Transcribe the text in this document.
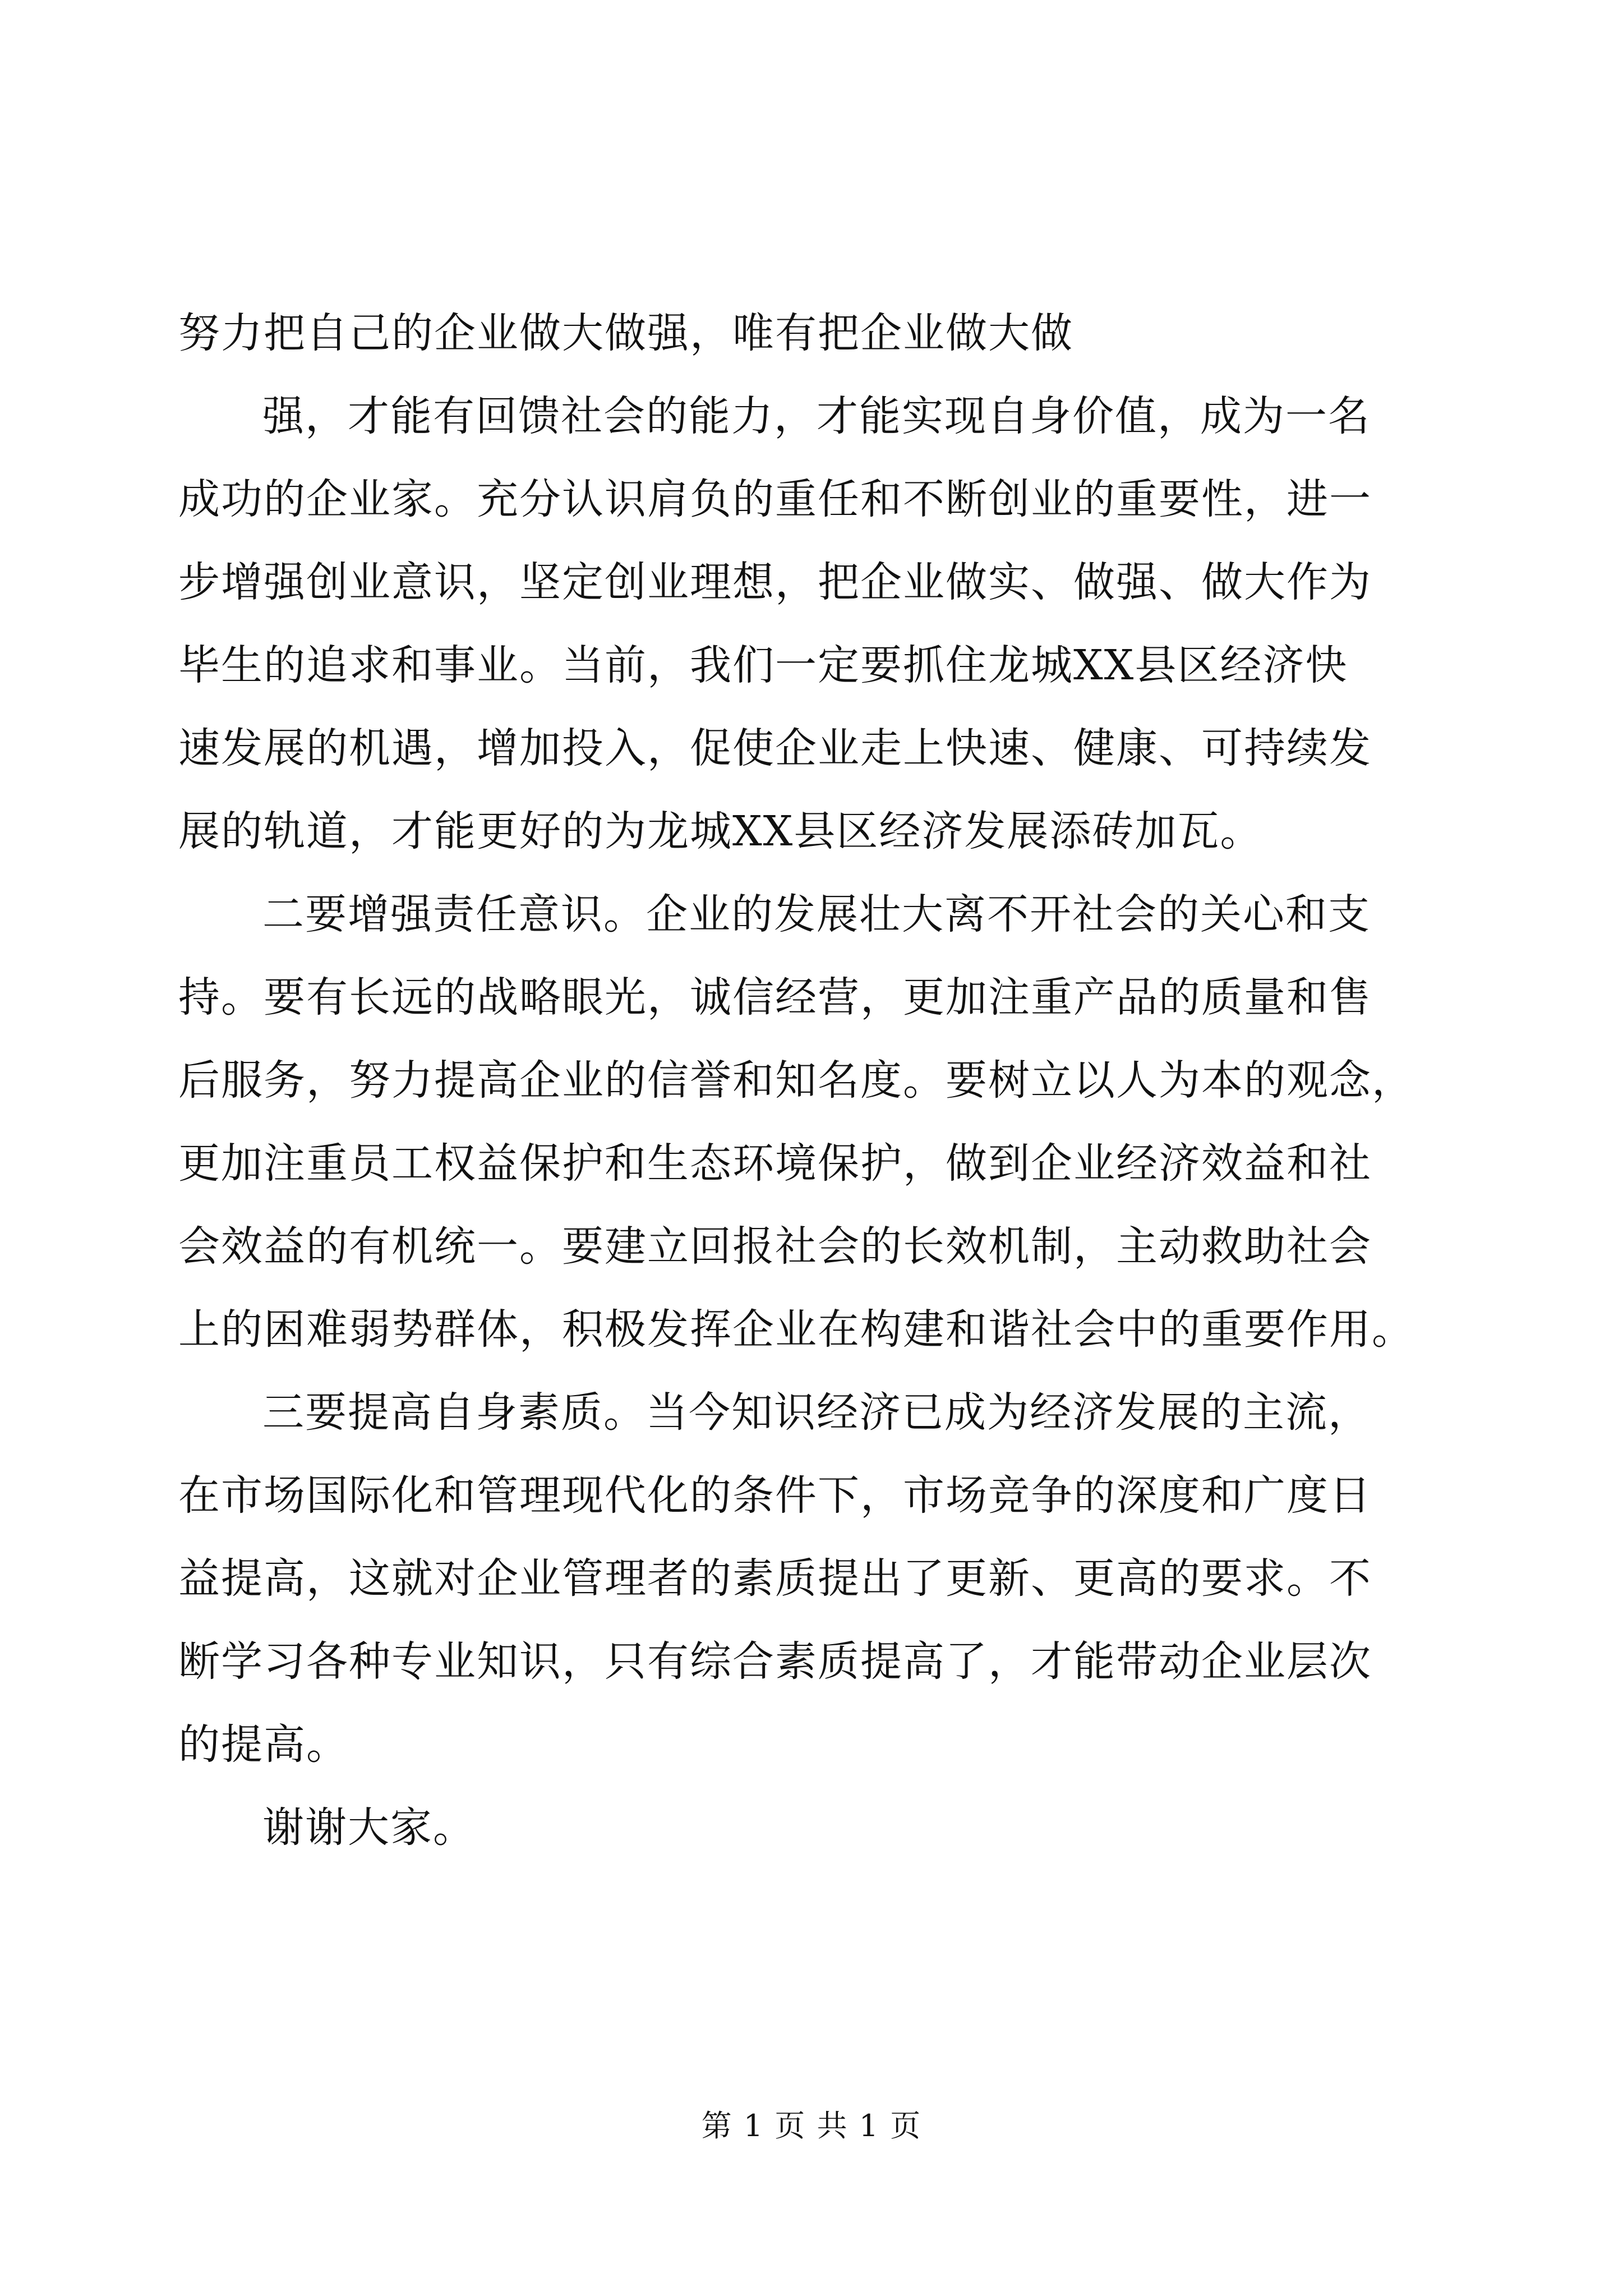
努力把自己的企业做大做强，唯有把企业做大做
强，才能有回馈社会的能力，才能实现自身价值，成为一名
成功的企业家。充分认识肩负的重任和不断创业的重要性，进一
步增强创业意识，坚定创业理想，把企业做实、做强、做大作为
毕生的追求和事业。当前，我们一定要抓住龙城XX县区经济快
速发展的机遇，增加投入，促使企业走上快速、健康、可持续发
展的轨道，才能更好的为龙城XX县区经济发展添砖加瓦。
二要增强责任意识。企业的发展壮大离不开社会的关心和支
持。要有长远的战略眼光，诚信经营，更加注重产品的质量和售
后服务，努力提高企业的信誉和知名度。要树立以人为本的观念，
更加注重员工权益保护和生态环境保护，做到企业经济效益和社
会效益的有机统一。要建立回报社会的长效机制，主动救助社会
上的困难弱势群体，积极发挥企业在构建和谐社会中的重要作用。
三要提高自身素质。当今知识经济已成为经济发展的主流，
在市场国际化和管理现代化的条件下，市场竞争的深度和广度日
益提高，这就对企业管理者的素质提出了更新、更高的要求。不
断学习各种专业知识，只有综合素质提高了，才能带动企业层次
的提高。
谢谢大家。
第 1 页 共 1 页
